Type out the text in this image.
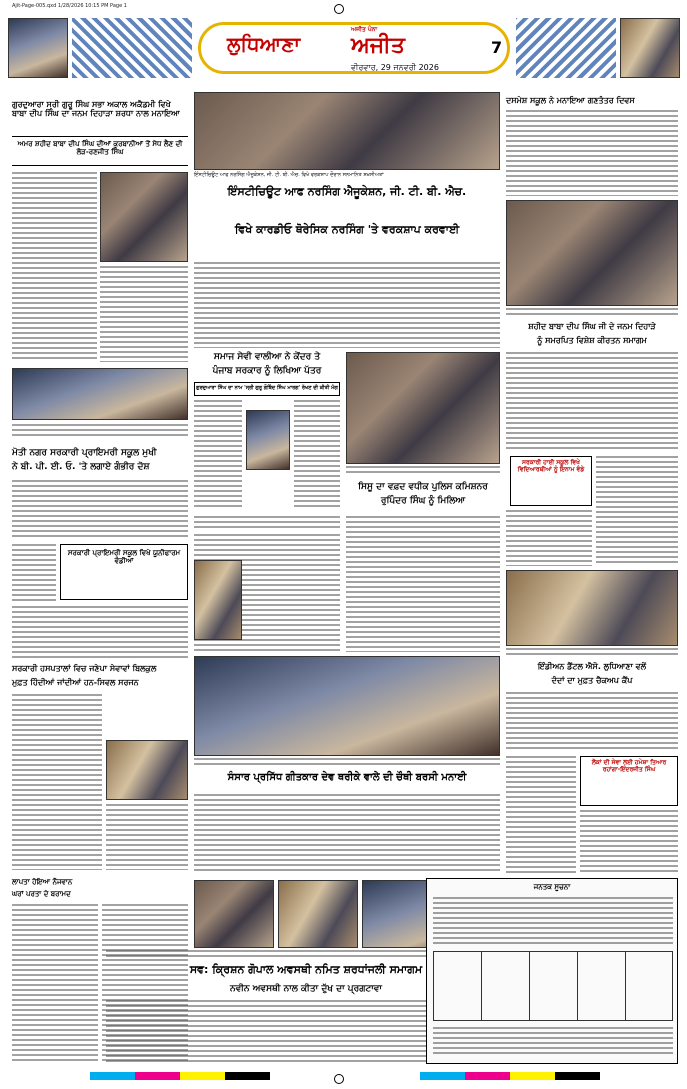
Ajit-Page-005.qxd 1/28/2026 10:15 PM Page 1
ਲੁਧਿਆਣਾ
ਅਜੀਤ ਪੰਨਾ
ਅਜੀਤ
ਵੀਰਵਾਰ, 29 ਜਨਵਰੀ 2026
7
ਗੁਰਦੁਆਰਾ ਸ੍ਰੀ ਗੁਰੂ ਸਿੰਘ ਸਭਾ ਅਕਾਲ ਅਕੈਡਮੀ ਵਿਖੇ ਬਾਬਾ ਦੀਪ ਸਿੰਘ ਦਾ ਜਨਮ ਦਿਹਾੜਾ ਸ਼ਰਧਾ ਨਾਲ ਮਨਾਇਆ
ਅਮਰ ਸ਼ਹੀਦ ਬਾਬਾ ਦੀਪ ਸਿੰਘ ਦੀਆਂ ਕੁਰਬਾਨੀਆਂ ਤੋਂ ਸੇਧ ਲੈਣ ਦੀ ਲੋੜ-ਰਣਜੀਤ ਸਿੰਘ
ਮੋਤੀ ਨਗਰ ਸਰਕਾਰੀ ਪ੍ਰਾਇਮਰੀ ਸਕੂਲ ਮੁਖੀ
ਨੇ ਬੀ. ਪੀ. ਈ. ਓ. 'ਤੇ ਲਗਾਏ ਗੰਭੀਰ ਦੋਸ਼
ਸਰਕਾਰੀ ਪ੍ਰਾਇਮਰੀ ਸਕੂਲ ਵਿਖੇ ਯੂਨੀਫਾਰਮ ਵੰਡੀਆਂ
ਸਰਕਾਰੀ ਹਸਪਤਾਲਾਂ ਵਿਚ ਜਣੇਪਾ ਸੇਵਾਵਾਂ ਬਿਲਕੁਲ
ਮੁਫ਼ਤ ਹਿੰਦੀਆਂ ਜਾਂਦੀਆਂ ਹਨ-ਸਿਵਲ ਸਰਜਨ
ਲਾਪਤਾ ਹੋਇਆ ਨੌਜਵਾਨ
ਘਰਾਂ ਪਰਤਾ ਦੇ ਬਰਾਮਦ
ਇੰਸਟੀਚਿਊਟ ਆਫ ਨਰਸਿੰਗ ਐਜੂਕੇਸ਼ਨ, ਜੀ. ਟੀ. ਬੀ. ਐਚ. ਵਿਖੇ ਵਰਕਸ਼ਾਪ ਦੌਰਾਨ ਸਨਮਾਨਿਤ ਸ਼ਖ਼ਸੀਅਤਾਂ
ਇੰਸਟੀਚਿਊਟ ਆਫ ਨਰਸਿੰਗ ਐਜੂਕੇਸ਼ਨ, ਜੀ. ਟੀ. ਬੀ. ਐਚ.
ਵਿਖੇ ਕਾਰਡੀਓ ਥੋਰੇਸਿਕ ਨਰਸਿੰਗ 'ਤੇ ਵਰਕਸ਼ਾਪ ਕਰਵਾਈ
ਸਮਾਜ ਸੇਵੀ ਵਾਲੀਆ ਨੇ ਕੇਂਦਰ ਤੇ
ਪੰਜਾਬ ਸਰਕਾਰ ਨੂੰ ਲਿਖਿਆ ਪੱਤਰ
ਗੁਰਦੁਆਰਾ ਸਿੰਘ ਦਾ ਨਾਮ 'ਸ੍ਰੀ ਗੁਰੂ ਗੋਬਿੰਦ ਸਿੰਘ ਮਾਰਗ' ਰੱਖਣ ਦੀ ਕੀਤੀ ਮੰਗ
ਸਿਸੂ ਦਾ ਵਫ਼ਦ ਵਧੀਕ ਪੁਲਿਸ ਕਮਿਸ਼ਨਰ
ਰੁਪਿੰਦਰ ਸਿੰਘ ਨੂੰ ਮਿਲਿਆ
ਸੰਸਾਰ ਪ੍ਰਸਿੱਧ ਗੀਤਕਾਰ ਦੇਵ ਥਰੀਕੇ ਵਾਲੇ ਦੀ ਚੌਥੀ ਬਰਸੀ ਮਨਾਈ
ਸਵ: ਕ੍ਰਿਸ਼ਨ ਗੋਪਾਲ ਅਵਸਥੀ ਨਮਿਤ ਸ਼ਰਧਾਂਜਲੀ ਸਮਾਗਮ
ਨਵੀਨ ਅਵਸਥੀ ਨਾਲ ਕੀਤਾ ਦੁੱਖ ਦਾ ਪ੍ਰਗਟਾਵਾ
ਦਸਮੇਸ਼ ਸਕੂਲ ਨੇ ਮਨਾਇਆ ਗਣਤੰਤਰ ਦਿਵਸ
ਸ਼ਹੀਦ ਬਾਬਾ ਦੀਪ ਸਿੰਘ ਜੀ ਦੇ ਜਨਮ ਦਿਹਾੜੇ
ਨੂੰ ਸਮਰਪਿਤ ਵਿਸ਼ੇਸ਼ ਕੀਰਤਨ ਸਮਾਗਮ
ਸਰਕਾਰੀ ਹਾਈ ਸਕੂਲ ਵਿਖੇ ਵਿਦਿਆਰਥੀਆਂ ਨੂੰ ਇਨਾਮ ਵੰਡੇ
ਇੰਡੀਅਨ ਡੈਂਟਲ ਐਸੋ. ਲੁਧਿਆਣਾ ਵਲੋਂ
ਦੰਦਾਂ ਦਾ ਮੁਫ਼ਤ ਚੈਕਅਪ ਕੈਂਪ
ਲੋਕਾਂ ਦੀ ਸੇਵਾ ਲਈ ਹਮੇਸ਼ਾ ਤਿਆਰ ਰਹਾਂਗਾ-ਇੰਦਰਜੀਤ ਸਿੰਘ
ਜਨਤਕ ਸੂਚਨਾ
